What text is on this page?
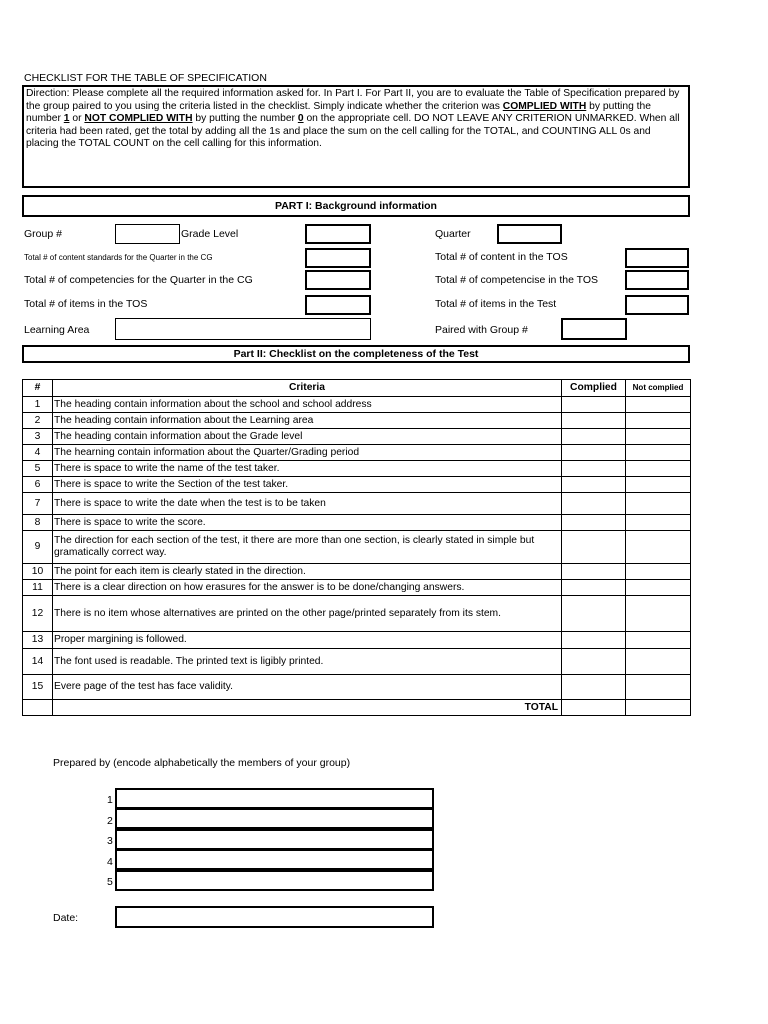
CHECKLIST FOR THE TABLE OF SPECIFICATION
Direction: Please complete all the required information asked for. In Part I. For Part II, you are to evaluate the Table of Specification prepared by the group paired to you using the criteria listed in the checklist. Simply indicate whether the criterion was COMPLIED WITH by putting the number 1 or NOT COMPLIED WITH by putting the number 0 on the appropriate cell. DO NOT LEAVE ANY CRITERION UNMARKED. When all criteria had been rated, get the total by adding all the 1s and place the sum on the cell calling for the TOTAL, and COUNTING ALL 0s and placing the TOTAL COUNT on the cell calling for this information.
PART I: Background information
Group #	Grade Level	Quarter
Total # of content standards for the Quarter in the CG	Total # of content in the TOS
Total # of competencies for the Quarter in the CG	Total # of competencise in the TOS
Total # of items in the TOS	Total # of items in the Test
Learning Area	Paired with Group #
Part II: Checklist on the completeness of the Test
#	Criteria	Complied	Not complied
1	The heading contain information about the school and school address		
2	The heading contain information about the Learning area		
3	The heading contain information about the Grade level		
4	The hearning contain information about the Quarter/Grading period		
5	There is space to write the name of the test taker.		
6	There is space to write the Section of the test taker.		
7	There is space to write the date when the test is to be taken		
8	There is space to write the score.		
9	The direction for each section of the test, it there are more than one section, is clearly stated in simple but gramatically correct way.		
10	The point for each item is clearly stated in the direction.		
11	There is a clear direction on how erasures for the answer is to be done/changing answers.		
12	There is no item whose alternatives are printed on the other page/printed separately from its stem.		
13	Proper margining is followed.		
14	The font used is readable. The printed text is ligibly printed.		
15	Evere page of the test has face validity.		
	TOTAL		
Prepared by (encode alphabetically the members of your group)
1
2
3
4
5
Date:
